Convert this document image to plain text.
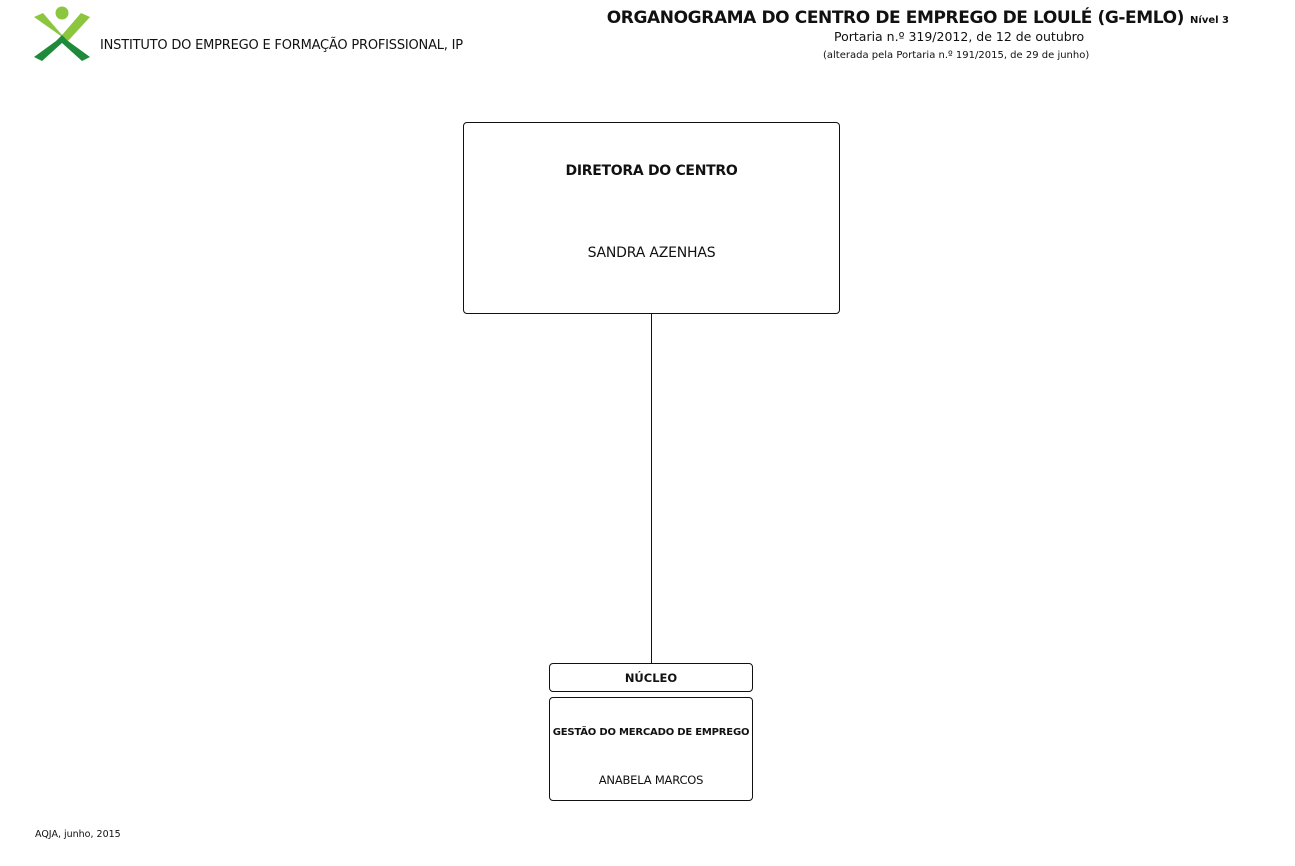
INSTITUTO DO EMPREGO E FORMAÇÃO PROFISSIONAL, IP
ORGANOGRAMA DO CENTRO DE EMPREGO DE LOULÉ (G-EMLO) Nível 3
Portaria n.º 319/2012, de 12 de outubro
(alterada pela Portaria n.º 191/2015, de 29 de junho)
DIRETORA DO CENTRO
SANDRA AZENHAS
NÚCLEO
GESTÃO DO MERCADO DE EMPREGO
ANABELA MARCOS
AQJA, junho, 2015
